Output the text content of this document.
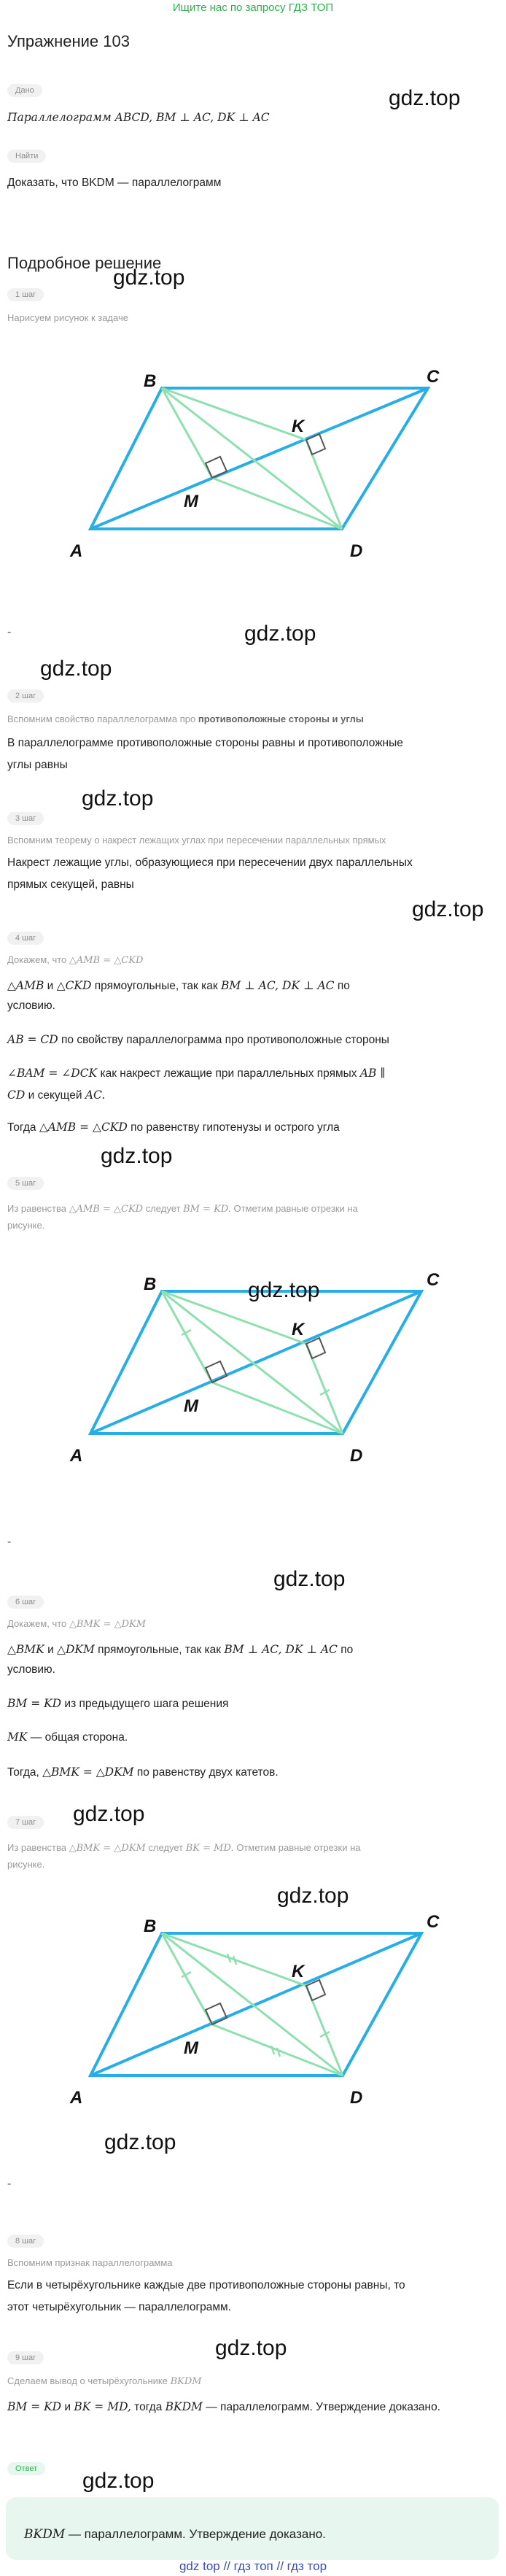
Ищите нас по запросу ГДЗ ТОП
Упражнение 103
Дано
Параллелограмм ABCD, BM ⊥ AC, DK ⊥ AC
gdz.top
Найти
Доказать, что BKDM — параллелограмм
Подробное решение
gdz.top
1 шаг
Нарисуем рисунок к задаче
B	C
A	D
K
M
-	gdz.top
gdz.top
2 шаг
Вспомним свойство параллелограмма про противоположные стороны и углы
В параллелограмме противоположные стороны равны и противоположные
углы равны
gdz.top
3 шаг
Вспомним теорему о накрест лежащих углах при пересечении параллельных прямых
Накрест лежащие углы, образующиеся при пересечении двух параллельных
прямых секущей, равны
gdz.top
4 шаг
Докажем, что △AMB = △CKD
△AMB и △CKD прямоугольные, так как BM ⊥ AC, DK ⊥ AC по
условию.
AB = CD по свойству параллелограмма про противоположные стороны
∠BAM = ∠DCK как накрест лежащие при параллельных прямых AB ∥
CD и секущей AC.
Тогда △AMB = △CKD по равенству гипотенузы и острого угла
gdz.top
5 шаг
Из равенства △AMB = △CKD следует BM = KD. Отметим равные отрезки на
рисунке.
B	C
A	D
K
M
gdz.top
-
gdz.top
6 шаг
Докажем, что △BMK = △DKM
△BMK и △DKM прямоугольные, так как BM ⊥ AC, DK ⊥ AC по
условию.
BM = KD из предыдущего шага решения
MK — общая сторона.
Тогда, △BMK = △DKM по равенству двух катетов.
gdz.top
7 шаг
Из равенства △BMK = △DKM следует BK = MD. Отметим равные отрезки на
рисунке.
gdz.top
B	C
A	D
K
M
gdz.top
-
8 шаг
Вспомним признак параллелограмма
Если в четырёхугольнике каждые две противоположные стороны равны, то
этот четырёхугольник — параллелограмм.
gdz.top
9 шаг
Сделаем вывод о четырёхугольнике BKDM
BM = KD и BK = MD, тогда BKDM — параллелограмм. Утверждение доказано.
gdz.top
Ответ
BKDM — параллелограмм. Утверждение доказано.
gdz top // гдз топ // гдз тор
